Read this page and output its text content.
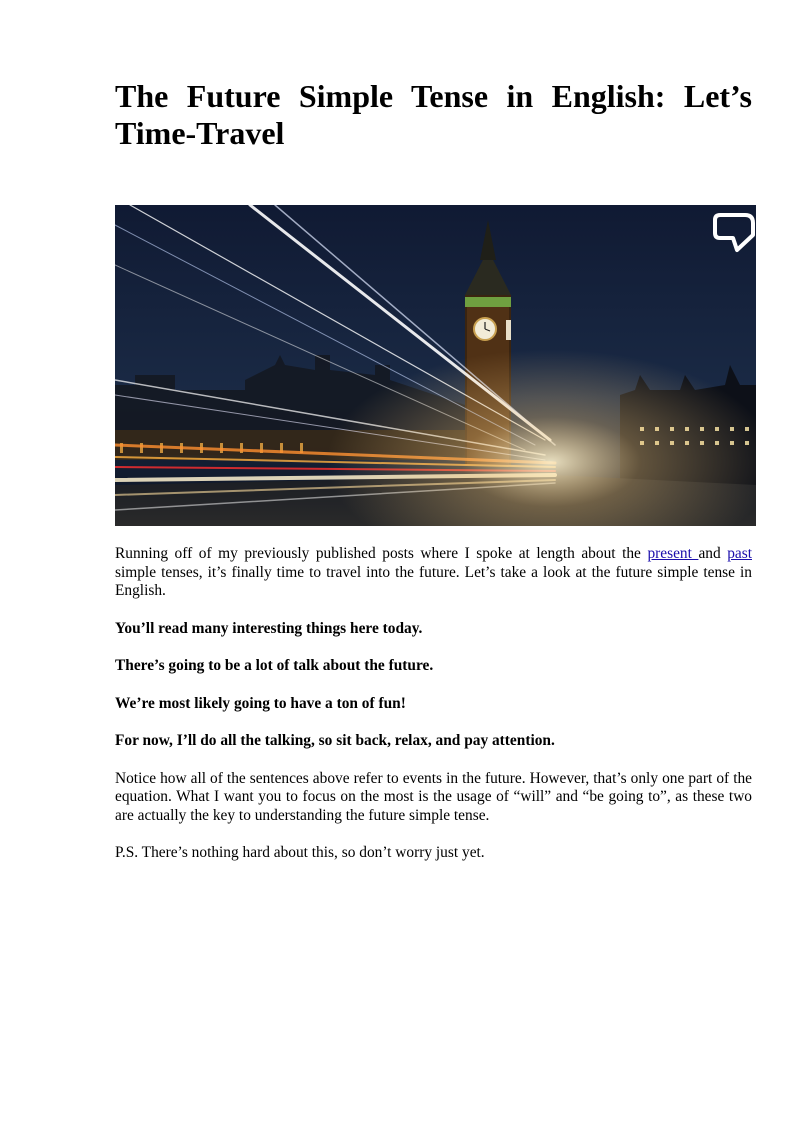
The Future Simple Tense in English: Let’s Time-Travel

Running off of my previously published posts where I spoke at length about the present and past simple tenses, it’s finally time to travel into the future. Let’s take a look at the future simple tense in English.

You’ll read many interesting things here today.

There’s going to be a lot of talk about the future.

We’re most likely going to have a ton of fun!

For now, I’ll do all the talking, so sit back, relax, and pay attention.

Notice how all of the sentences above refer to events in the future. However, that’s only one part of the equation. What I want you to focus on the most is the usage of “will” and “be going to”, as these two are actually the key to understanding the future simple tense.

P.S. There’s nothing hard about this, so don’t worry just yet.
